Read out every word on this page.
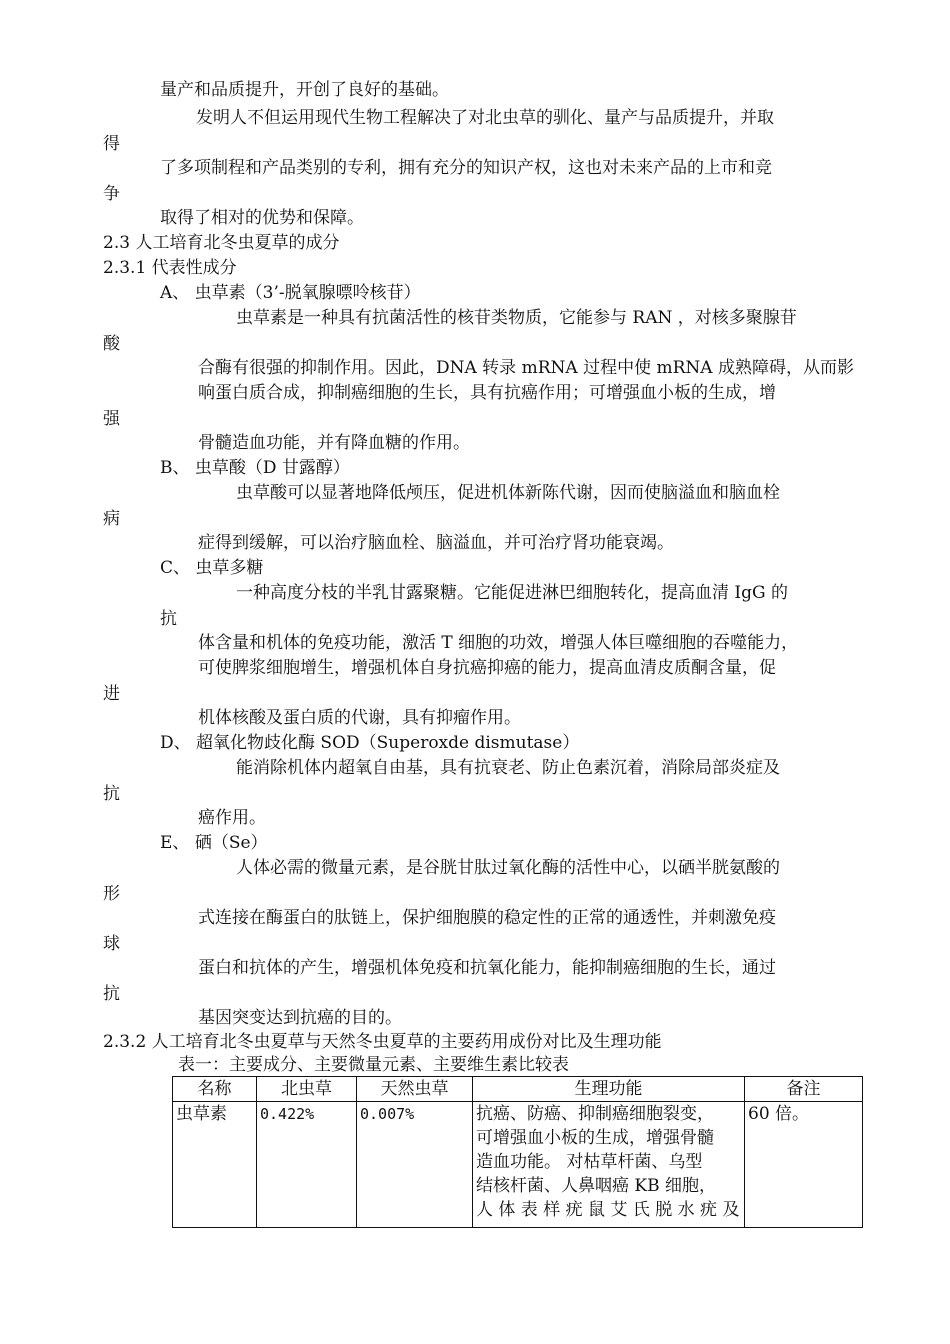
量产和品质提升，开创了良好的基础。
发明人不但运用现代生物工程解决了对北虫草的驯化、量产与品质提升，并取
得
了多项制程和产品类别的专利，拥有充分的知识产权，这也对未来产品的上市和竞
争
取得了相对的优势和保障。
2.3 人工培育北冬虫夏草的成分
2.3.1 代表性成分
A、 虫草素（3’-脱氧腺嘌呤核苷）
虫草素是一种具有抗菌活性的核苷类物质，它能参与 RAN ，对核多聚腺苷
酸
合酶有很强的抑制作用。因此，DNA 转录 mRNA 过程中使 mRNA 成熟障碍，从而影
响蛋白质合成，抑制癌细胞的生长，具有抗癌作用；可增强血小板的生成，增
强
骨髓造血功能，并有降血糖的作用。
B、 虫草酸（D 甘露醇）
虫草酸可以显著地降低颅压，促进机体新陈代谢，因而使脑溢血和脑血栓
病
症得到缓解，可以治疗脑血栓、脑溢血，并可治疗肾功能衰竭。
C、 虫草多糖
一种高度分枝的半乳甘露聚糖。它能促进淋巴细胞转化，提高血清 IgG 的
抗
体含量和机体的免疫功能，激活 T 细胞的功效，增强人体巨噬细胞的吞噬能力，
可使脾浆细胞增生，增强机体自身抗癌抑癌的能力，提高血清皮质酮含量，促
进
机体核酸及蛋白质的代谢，具有抑瘤作用。
D、 超氧化物歧化酶 SOD（Superoxde dismutase）
能消除机体内超氧自由基，具有抗衰老、防止色素沉着，消除局部炎症及
抗
癌作用。
E、 硒（Se）
人体必需的微量元素，是谷胱甘肽过氧化酶的活性中心，以硒半胱氨酸的
形
式连接在酶蛋白的肽链上，保护细胞膜的稳定性的正常的通透性，并刺激免疫
球
蛋白和抗体的产生，增强机体免疫和抗氧化能力，能抑制癌细胞的生长，通过
抗
基因突变达到抗癌的目的。
2.3.2 人工培育北冬虫夏草与天然冬虫夏草的主要药用成份对比及生理功能
表一：主要成分、主要微量元素、主要维生素比较表
名称	北虫草	天然虫草	生理功能	备注
虫草素	0.422%	0.007%	抗癌、防癌、抑制癌细胞裂变，
可增强血小板的生成，增强骨髓
造血功能。 对枯草杆菌、乌型
结核杆菌、人鼻咽癌 KB 细胞，
人 体 表 样 疣 鼠 艾 氏 脱 水 疣 及	60 倍。
